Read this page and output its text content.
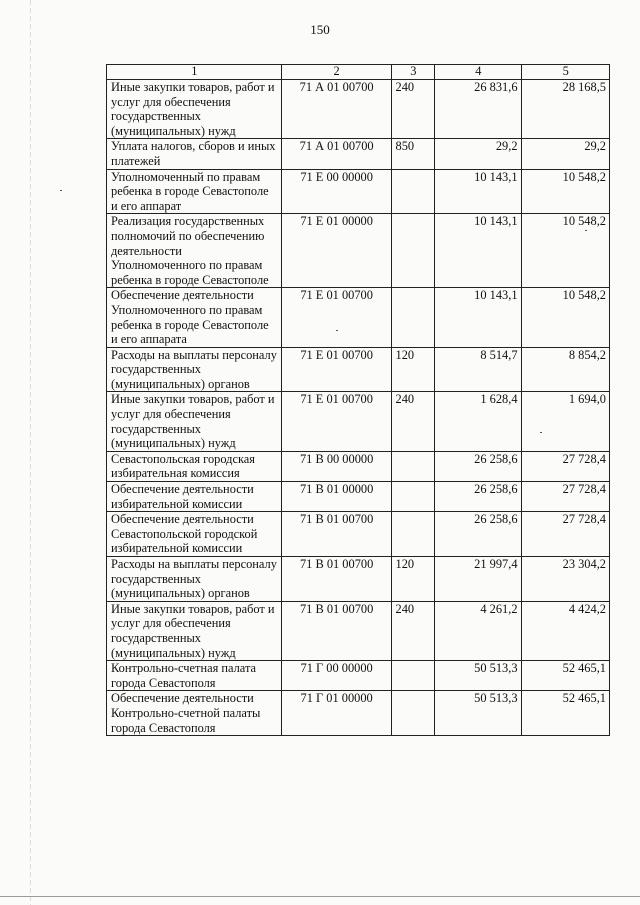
150
1	2	3	4	5
Иные закупки товаров, работ и услуг для обеспечения государственных (муниципальных) нужд	71 А 01 00700	240	26 831,6	28 168,5
Уплата налогов, сборов и иных платежей	71 А 01 00700	850	29,2	29,2
Уполномоченный по правам ребенка в городе Севастополе и его аппарат	71 Е 00 00000		10 143,1	10 548,2
Реализация государственных полномочий по обеспечению деятельности Уполномоченного по правам ребенка в городе Севастополе	71 Е 01 00000		10 143,1	10 548,2
Обеспечение деятельности Уполномоченного по правам ребенка в городе Севастополе и его аппарата	71 Е 01 00700		10 143,1	10 548,2
Расходы на выплаты персоналу государственных (муниципальных) органов	71 Е 01 00700	120	8 514,7	8 854,2
Иные закупки товаров, работ и услуг для обеспечения государственных (муниципальных) нужд	71 Е 01 00700	240	1 628,4	1 694,0
Севастопольская городская избирательная комиссия	71 В 00 00000		26 258,6	27 728,4
Обеспечение деятельности избирательной комиссии	71 В 01 00000		26 258,6	27 728,4
Обеспечение деятельности Севастопольской городской избирательной комиссии	71 В 01 00700		26 258,6	27 728,4
Расходы на выплаты персоналу государственных (муниципальных) органов	71 В 01 00700	120	21 997,4	23 304,2
Иные закупки товаров, работ и услуг для обеспечения государственных (муниципальных) нужд	71 В 01 00700	240	4 261,2	4 424,2
Контрольно-счетная палата города Севастополя	71 Г 00 00000		50 513,3	52 465,1
Обеспечение деятельности Контрольно-счетной палаты города Севастополя	71 Г 01 00000		50 513,3	52 465,1
